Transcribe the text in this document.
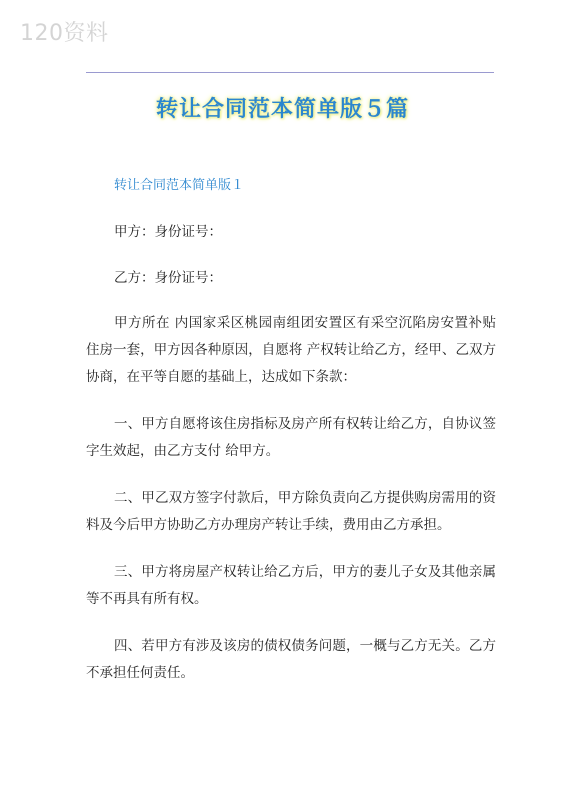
120资料
转让合同范本简单版５篇
转让合同范本简单版１

甲方：身份证号：

乙方：身份证号：

甲方所在 内国家采区桃园南组团安置区有采空沉陷房安置补贴住房一套，甲方因各种原因，自愿将 产权转让给乙方，经甲、乙双方协商，在平等自愿的基础上，达成如下条款：

一、甲方自愿将该住房指标及房产所有权转让给乙方，自协议签字生效起，由乙方支付 给甲方。

二、甲乙双方签字付款后，甲方除负责向乙方提供购房需用的资料及今后甲方协助乙方办理房产转让手续，费用由乙方承担。

三、甲方将房屋产权转让给乙方后，甲方的妻儿子女及其他亲属等不再具有所有权。

四、若甲方有涉及该房的债权债务问题，一概与乙方无关。乙方不承担任何责任。
